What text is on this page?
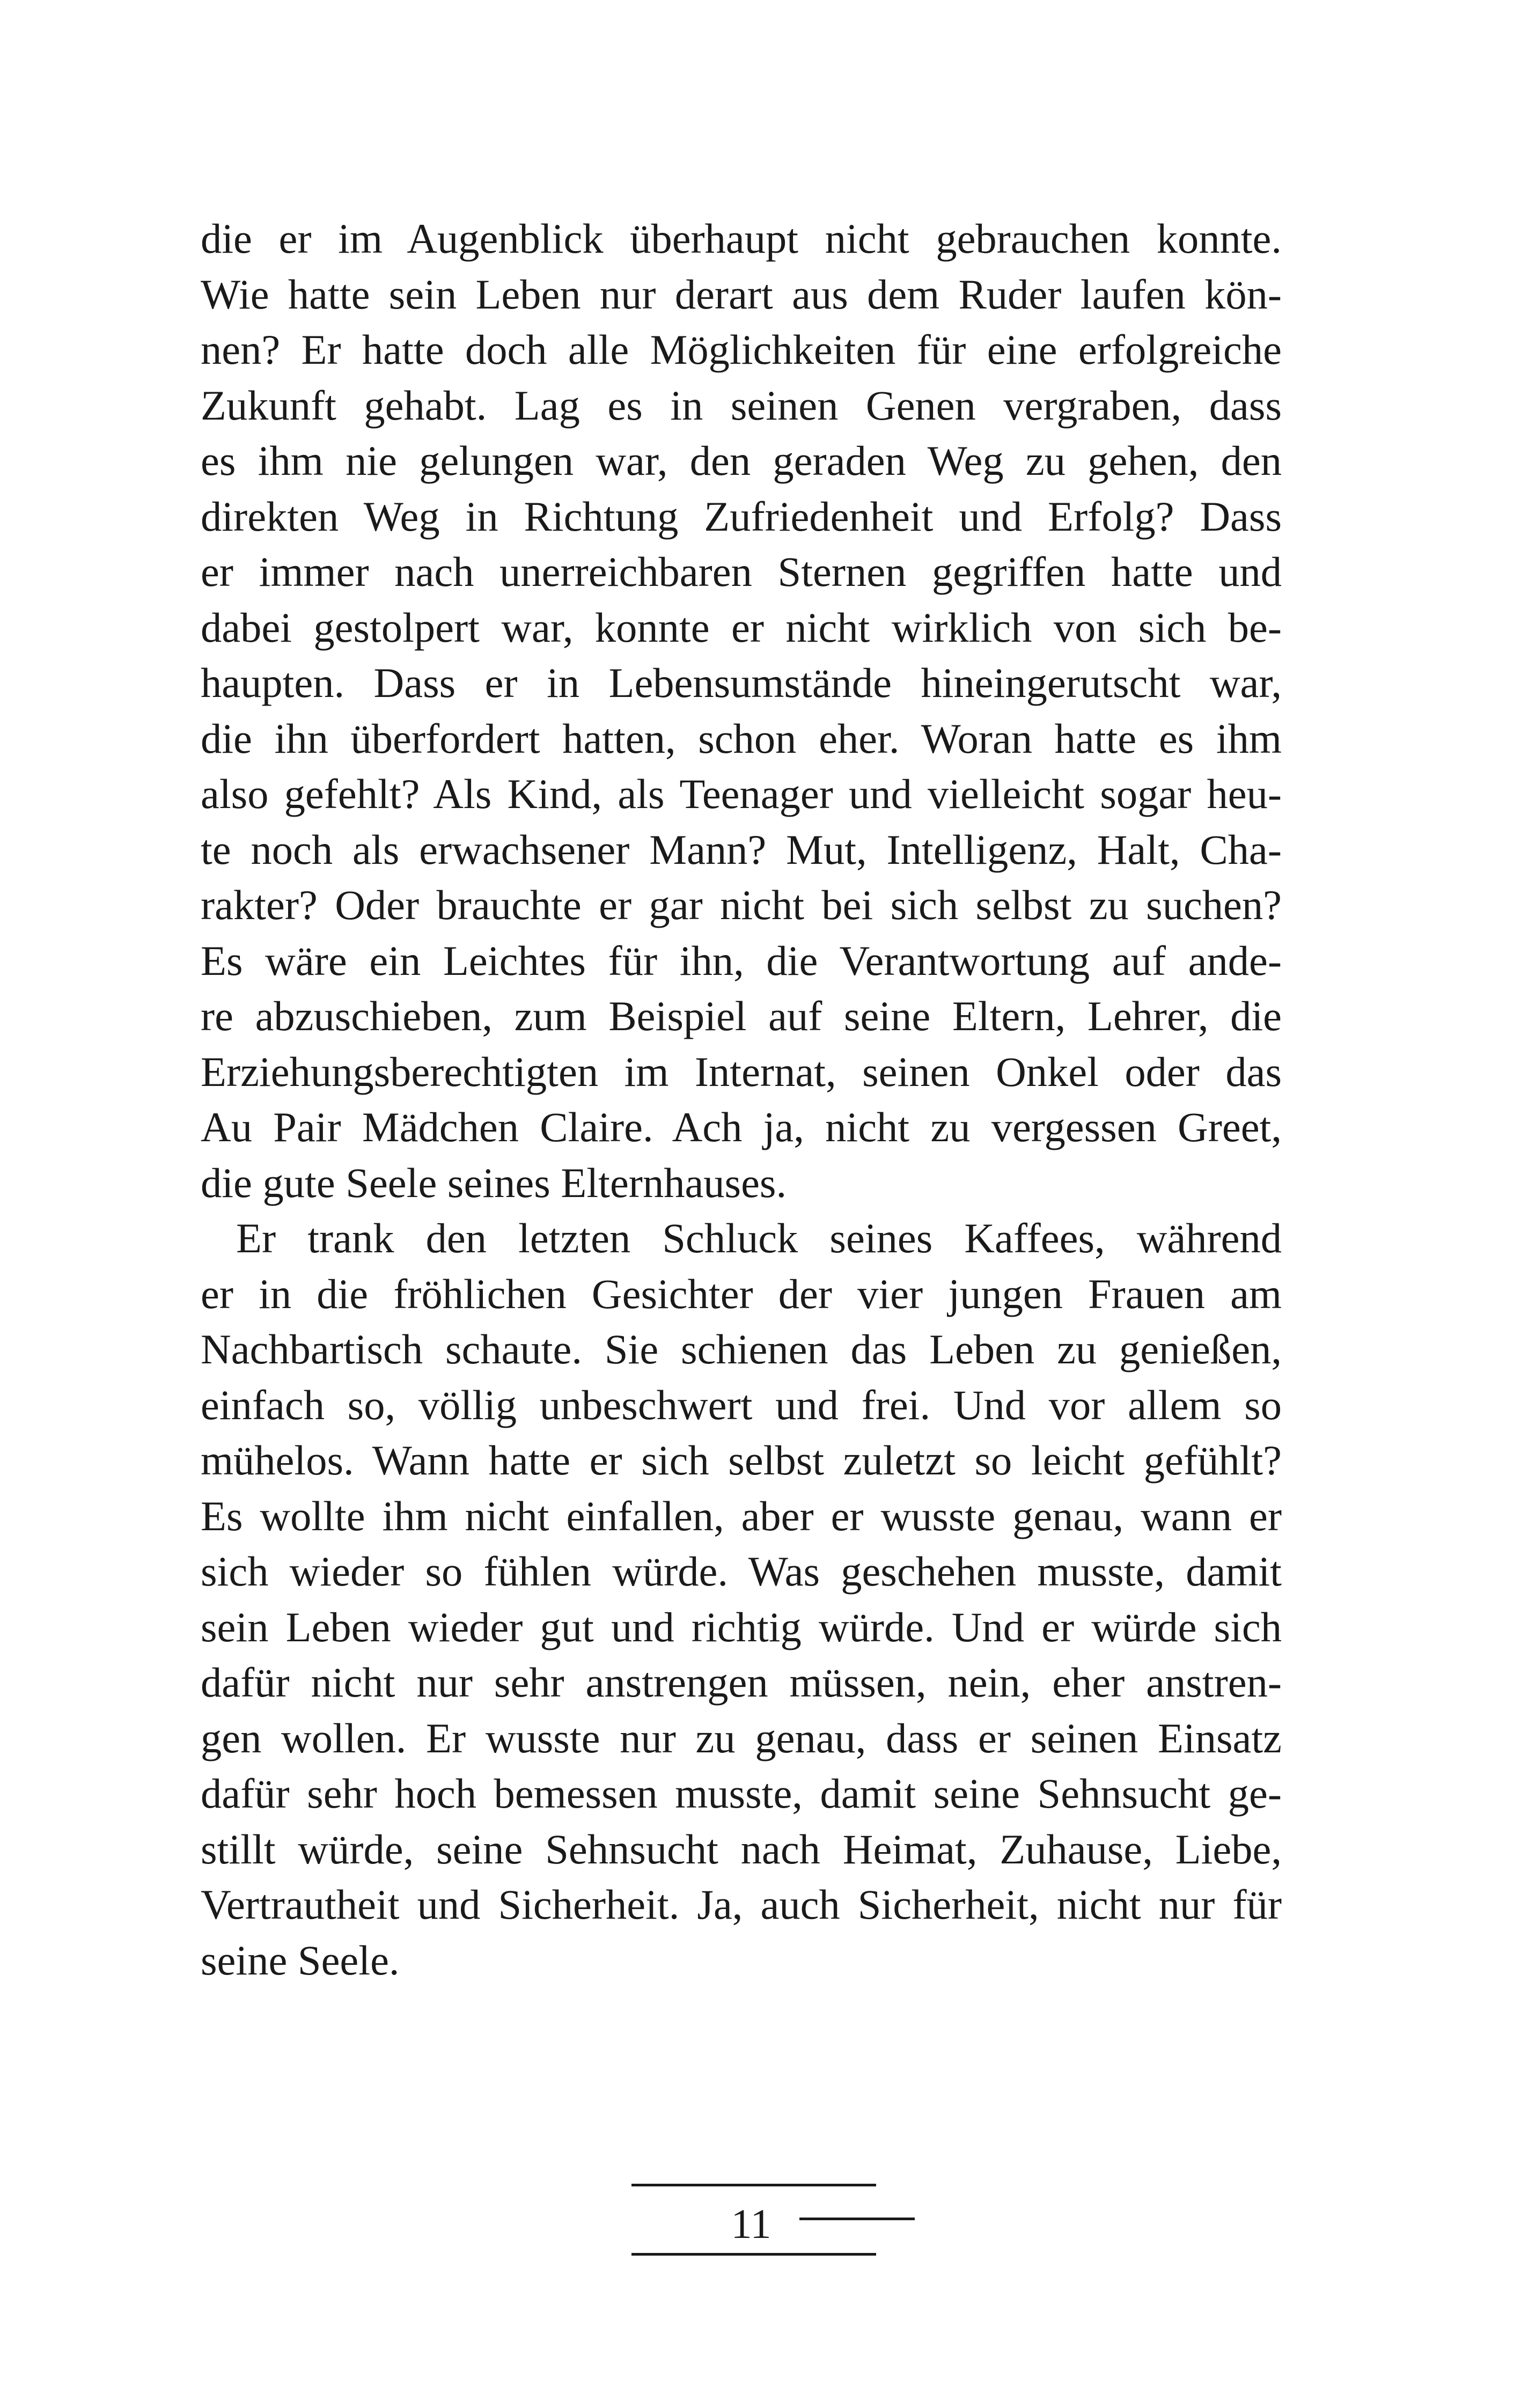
die er im Augenblick überhaupt nicht gebrauchen konnte.
Wie hatte sein Leben nur derart aus dem Ruder laufen kön-
nen? Er hatte doch alle Möglichkeiten für eine erfolgreiche
Zukunft gehabt. Lag es in seinen Genen vergraben, dass
es ihm nie gelungen war, den geraden Weg zu gehen, den
direkten Weg in Richtung Zufriedenheit und Erfolg? Dass
er immer nach unerreichbaren Sternen gegriffen hatte und
dabei gestolpert war, konnte er nicht wirklich von sich be-
haupten. Dass er in Lebensumstände hineingerutscht war,
die ihn überfordert hatten, schon eher. Woran hatte es ihm
also gefehlt? Als Kind, als Teenager und vielleicht sogar heu-
te noch als erwachsener Mann? Mut, Intelligenz, Halt, Cha-
rakter? Oder brauchte er gar nicht bei sich selbst zu suchen?
Es wäre ein Leichtes für ihn, die Verantwortung auf ande-
re abzuschieben, zum Beispiel auf seine Eltern, Lehrer, die
Erziehungsberechtigten im Internat, seinen Onkel oder das
Au Pair Mädchen Claire. Ach ja, nicht zu vergessen Greet,
die gute Seele seines Elternhauses.
Er trank den letzten Schluck seines Kaffees, während
er in die fröhlichen Gesichter der vier jungen Frauen am
Nachbartisch schaute. Sie schienen das Leben zu genießen,
einfach so, völlig unbeschwert und frei. Und vor allem so
mühelos. Wann hatte er sich selbst zuletzt so leicht gefühlt?
Es wollte ihm nicht einfallen, aber er wusste genau, wann er
sich wieder so fühlen würde. Was geschehen musste, damit
sein Leben wieder gut und richtig würde. Und er würde sich
dafür nicht nur sehr anstrengen müssen, nein, eher anstren-
gen wollen. Er wusste nur zu genau, dass er seinen Einsatz
dafür sehr hoch bemessen musste, damit seine Sehnsucht ge-
stillt würde, seine Sehnsucht nach Heimat, Zuhause, Liebe,
Vertrautheit und Sicherheit. Ja, auch Sicherheit, nicht nur für
seine Seele.
11
